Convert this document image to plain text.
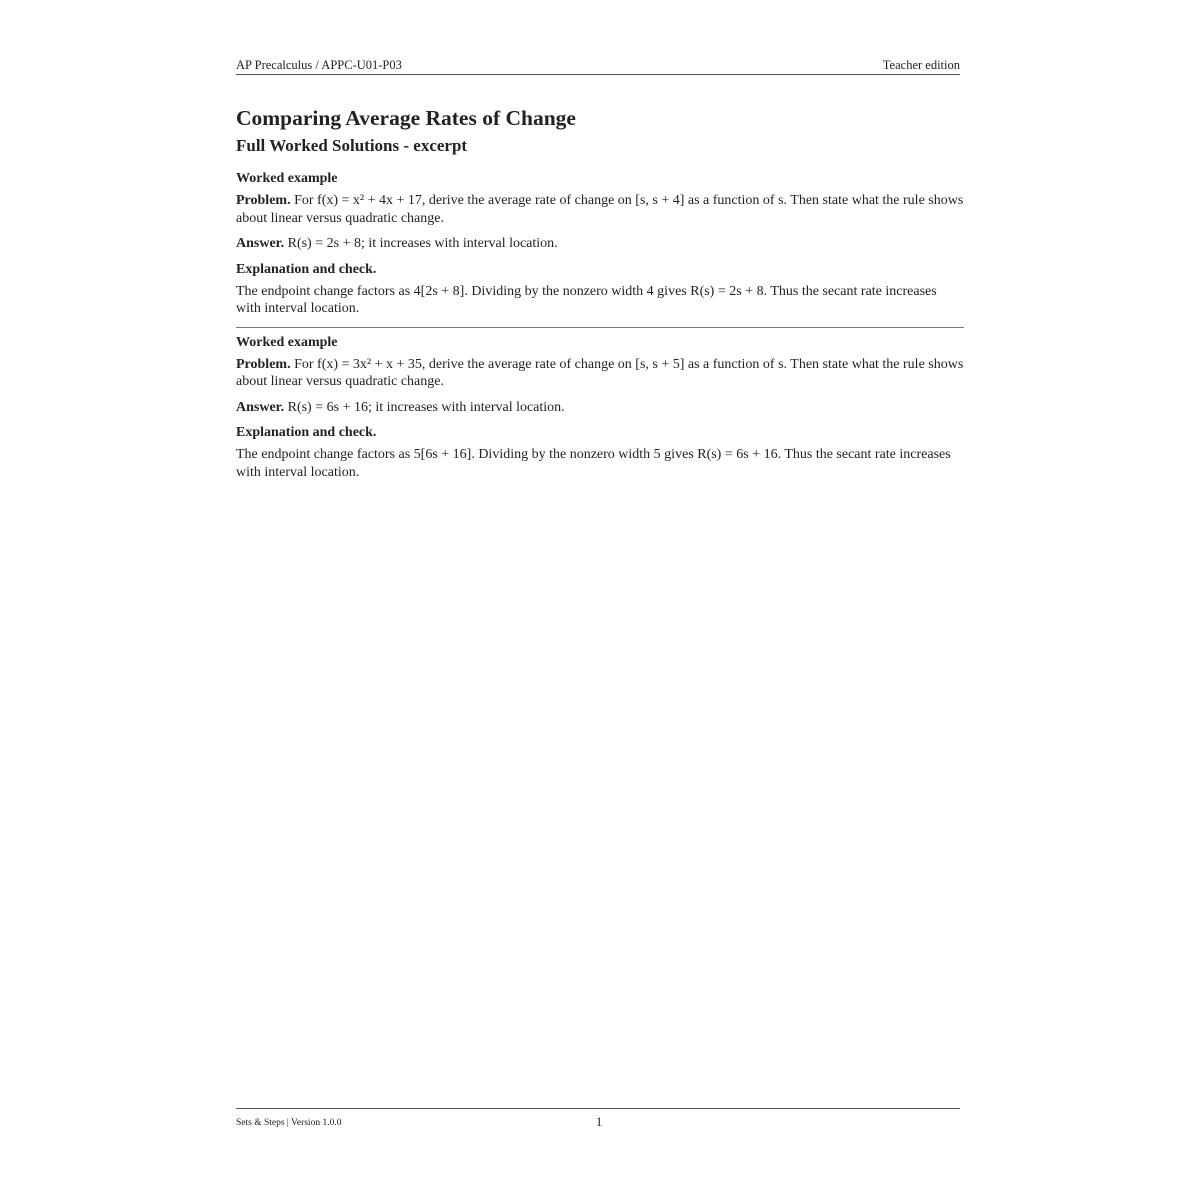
AP Precalculus / APPC-U01-P03	Teacher edition
Comparing Average Rates of Change
Full Worked Solutions - excerpt
Worked example

Problem. For f(x) = x² + 4x + 17, derive the average rate of change on [s, s + 4] as a function of s. Then state what the rule shows about linear versus quadratic change.

Answer. R(s) = 2s + 8; it increases with interval location.

Explanation and check.

The endpoint change factors as 4[2s + 8]. Dividing by the nonzero width 4 gives R(s) = 2s + 8. Thus the secant rate increases with interval location.

Worked example

Problem. For f(x) = 3x² + x + 35, derive the average rate of change on [s, s + 5] as a function of s. Then state what the rule shows about linear versus quadratic change.

Answer. R(s) = 6s + 16; it increases with interval location.

Explanation and check.

The endpoint change factors as 5[6s + 16]. Dividing by the nonzero width 5 gives R(s) = 6s + 16. Thus the secant rate increases with interval location.

Sets & Steps | Version 1.0.0	1
